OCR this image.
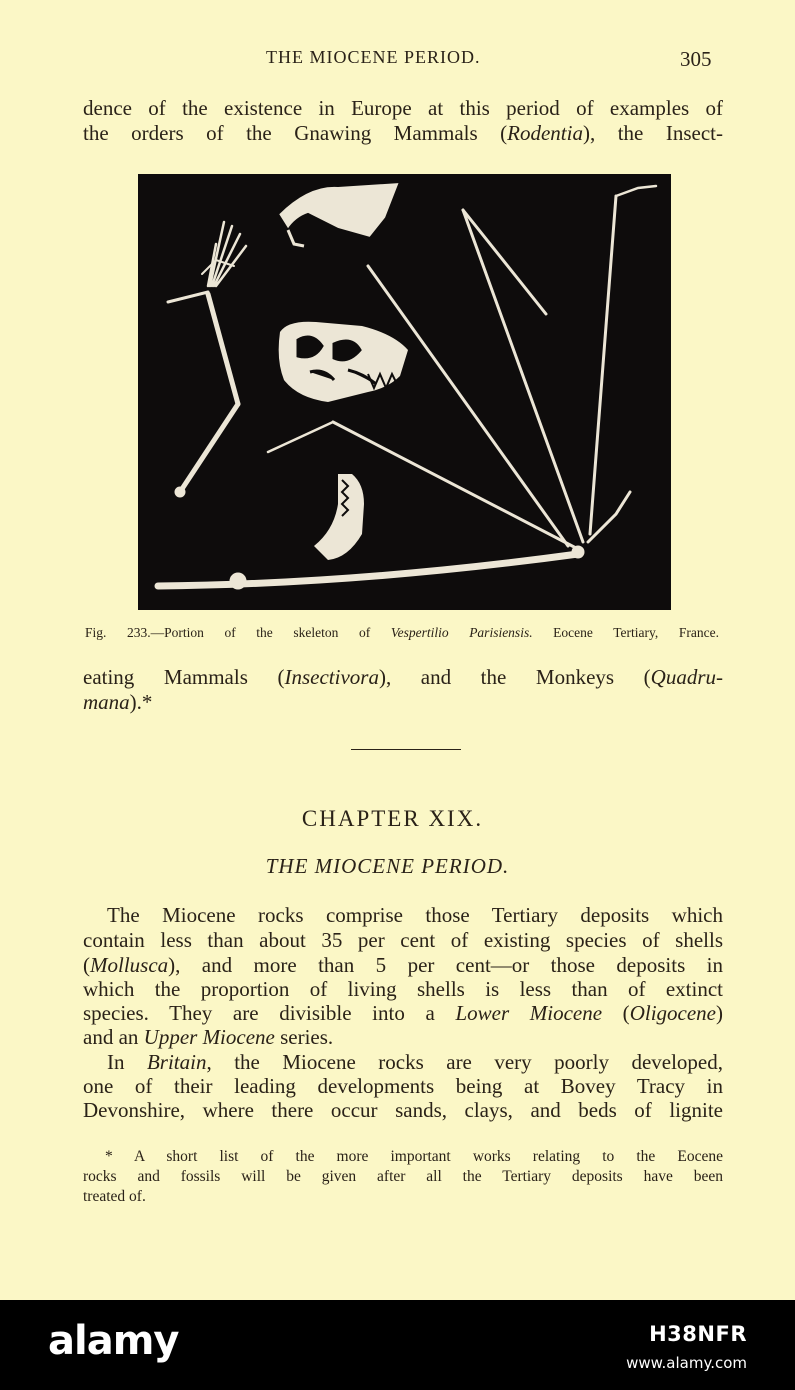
THE MIOCENE PERIOD.	305
dence of the existence in Europe at this period of examples of
the orders of the Gnawing Mammals (Rodentia), the Insect-
Fig. 233.—Portion of the skeleton of Vespertilio Parisiensis. Eocene Tertiary, France.
eating Mammals (Insectivora), and the Monkeys (Quadru-
mana).*
CHAPTER XIX.
THE MIOCENE PERIOD.
The Miocene rocks comprise those Tertiary deposits which
contain less than about 35 per cent of existing species of shells
(Mollusca), and more than 5 per cent—or those deposits in
which the proportion of living shells is less than of extinct
species. They are divisible into a Lower Miocene (Oligocene)
and an Upper Miocene series.
In Britain, the Miocene rocks are very poorly developed,
one of their leading developments being at Bovey Tracy in
Devonshire, where there occur sands, clays, and beds of lignite
* A short list of the more important works relating to the Eocene
rocks and fossils will be given after all the Tertiary deposits have been
treated of.
alamy	H38NFR
www.alamy.com
